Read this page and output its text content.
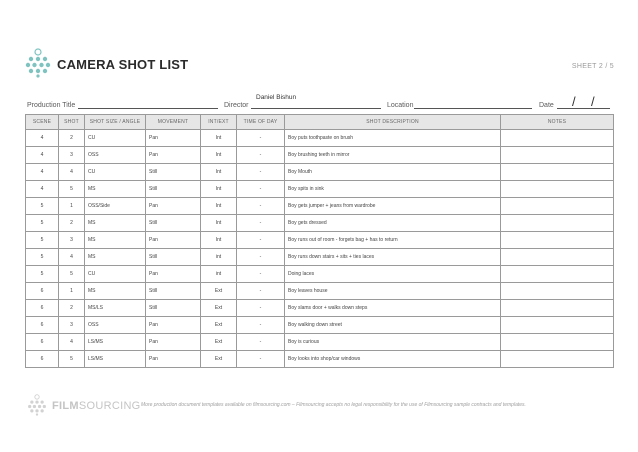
CAMERA SHOT LIST	SHEET 2 / 5
Production Title	Director
Daniel Bishun
Location	Date / /
SCENE	SHOT	SHOT SIZE / ANGLE	MOVEMENT	INT/EXT	TIME OF DAY	SHOT DESCRIPTION	NOTES
4	2	CU	Pan	Int	-	Boy puts toothpaste on brush	
4	3	OSS	Pan	Int	-	Boy brushing teeth in mirror	
4	4	CU	Still	Int	-	Boy Mouth	
4	5	MS	Still	Int	-	Boy spits in sink	
5	1	OSS/Side	Pan	Int	-	Boy gets jumper + jeans from wardrobe	
5	2	MS	Still	Int	-	Boy gets dressed	
5	3	MS	Pan	Int	-	Boy runs out of room - forgets bag + has to return	
5	4	MS	Still	int	-	Boy runs down stairs + sits + ties laces	
5	5	CU	Pan	int	-	Doing laces	
6	1	MS	Still	Ext	-	Boy leaves house	
6	2	MS/LS	Still	Ext	-	Boy slams door + walks down steps	
6	3	OSS	Pan	Ext	-	Boy walking down street	
6	4	LS/MS	Pan	Ext	-	Boy is curious	
6	5	LS/MS	Pan	Ext	-	Boy looks into shop/car windows	
FILMSOURCING More production document templates available on filmsourcing.com – Filmsourcing accepts no legal responsibility for the use of Filmsourcing sample contracts and templates.
